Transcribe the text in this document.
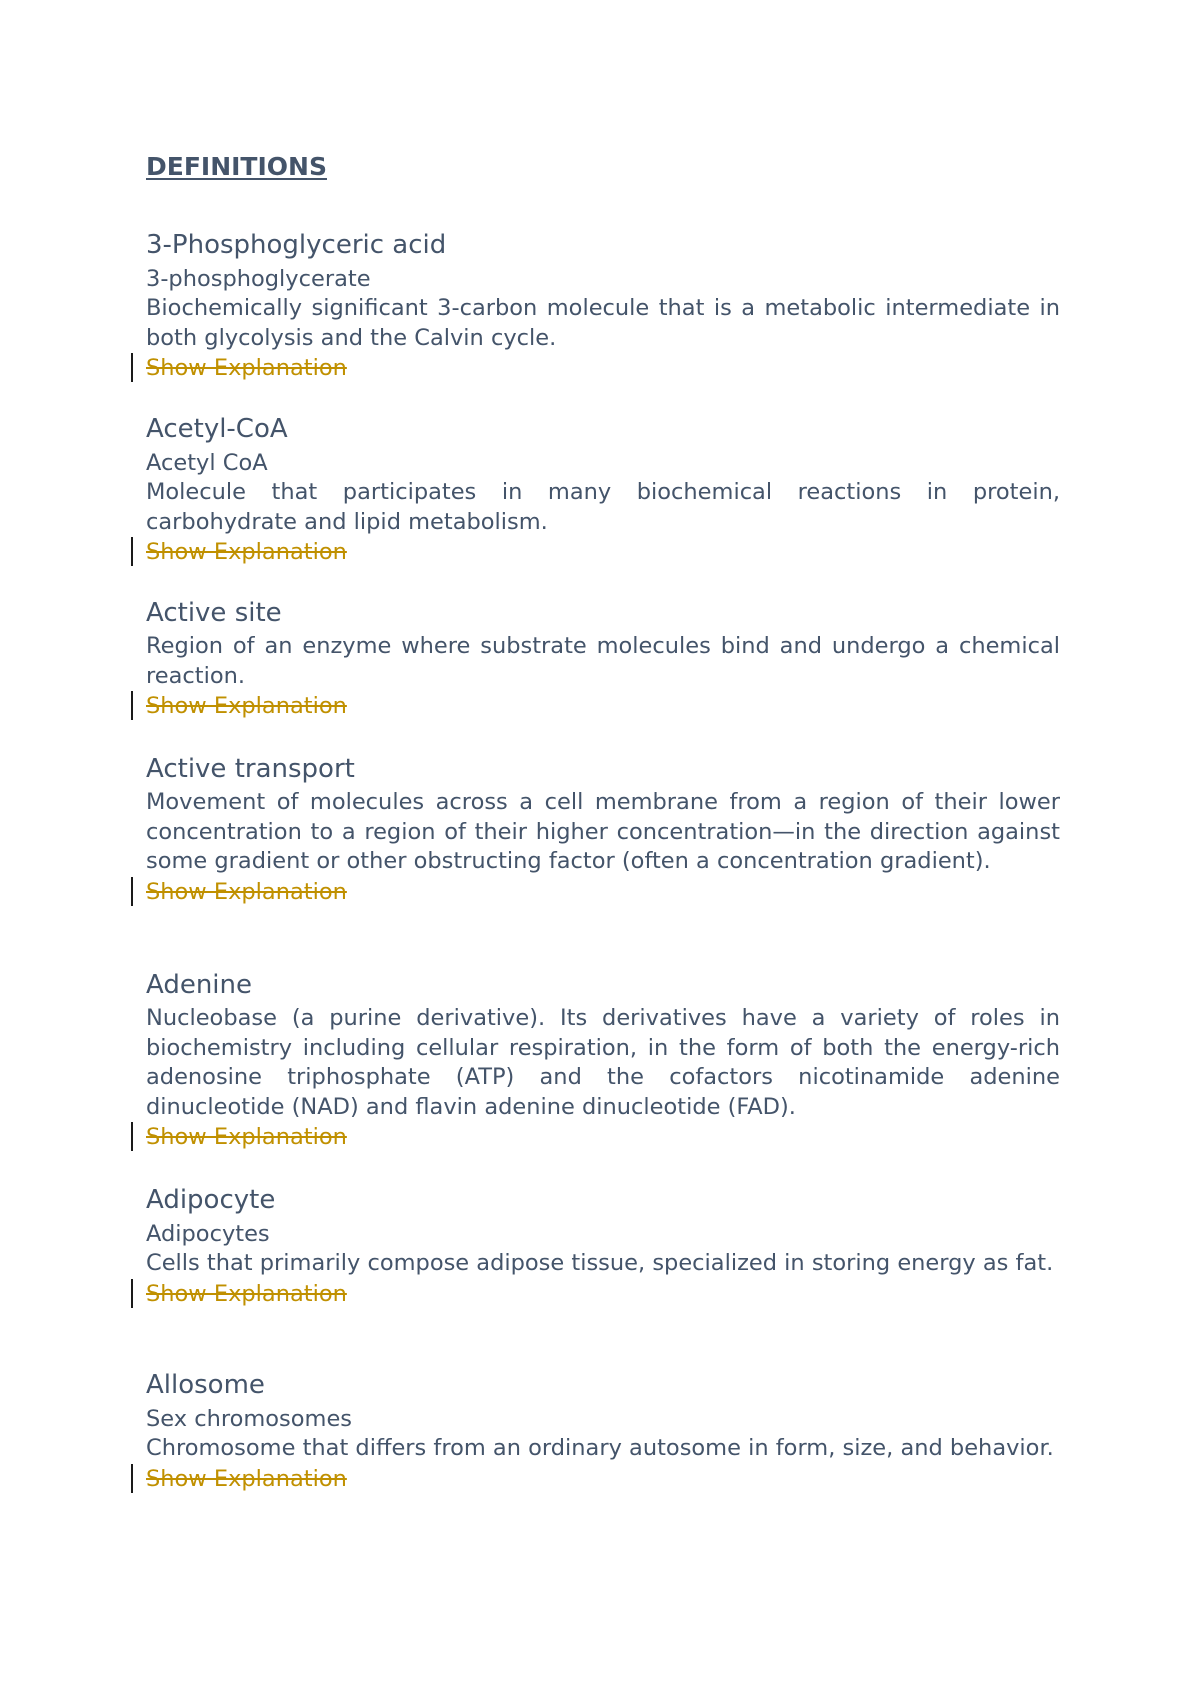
DEFINITIONS
3-Phosphoglyceric acid
3-phosphoglycerate
Biochemically significant 3-carbon molecule that is a metabolic intermediate in both glycolysis and the Calvin cycle.
Show Explanation
Acetyl-CoA
Acetyl CoA
Molecule that participates in many biochemical reactions in protein, carbohydrate and lipid metabolism.
Show Explanation
Active site
Region of an enzyme where substrate molecules bind and undergo a chemical reaction.
Show Explanation
Active transport
Movement of molecules across a cell membrane from a region of their lower concentration to a region of their higher concentration—in the direction against some gradient or other obstructing factor (often a concentration gradient).
Show Explanation
Adenine
Nucleobase (a purine derivative). Its derivatives have a variety of roles in biochemistry including cellular respiration, in the form of both the energy-rich adenosine triphosphate (ATP) and the cofactors nicotinamide adenine dinucleotide (NAD) and flavin adenine dinucleotide (FAD).
Show Explanation
Adipocyte
Adipocytes
Cells that primarily compose adipose tissue, specialized in storing energy as fat.
Show Explanation
Allosome
Sex chromosomes
Chromosome that differs from an ordinary autosome in form, size, and behavior.
Show Explanation
